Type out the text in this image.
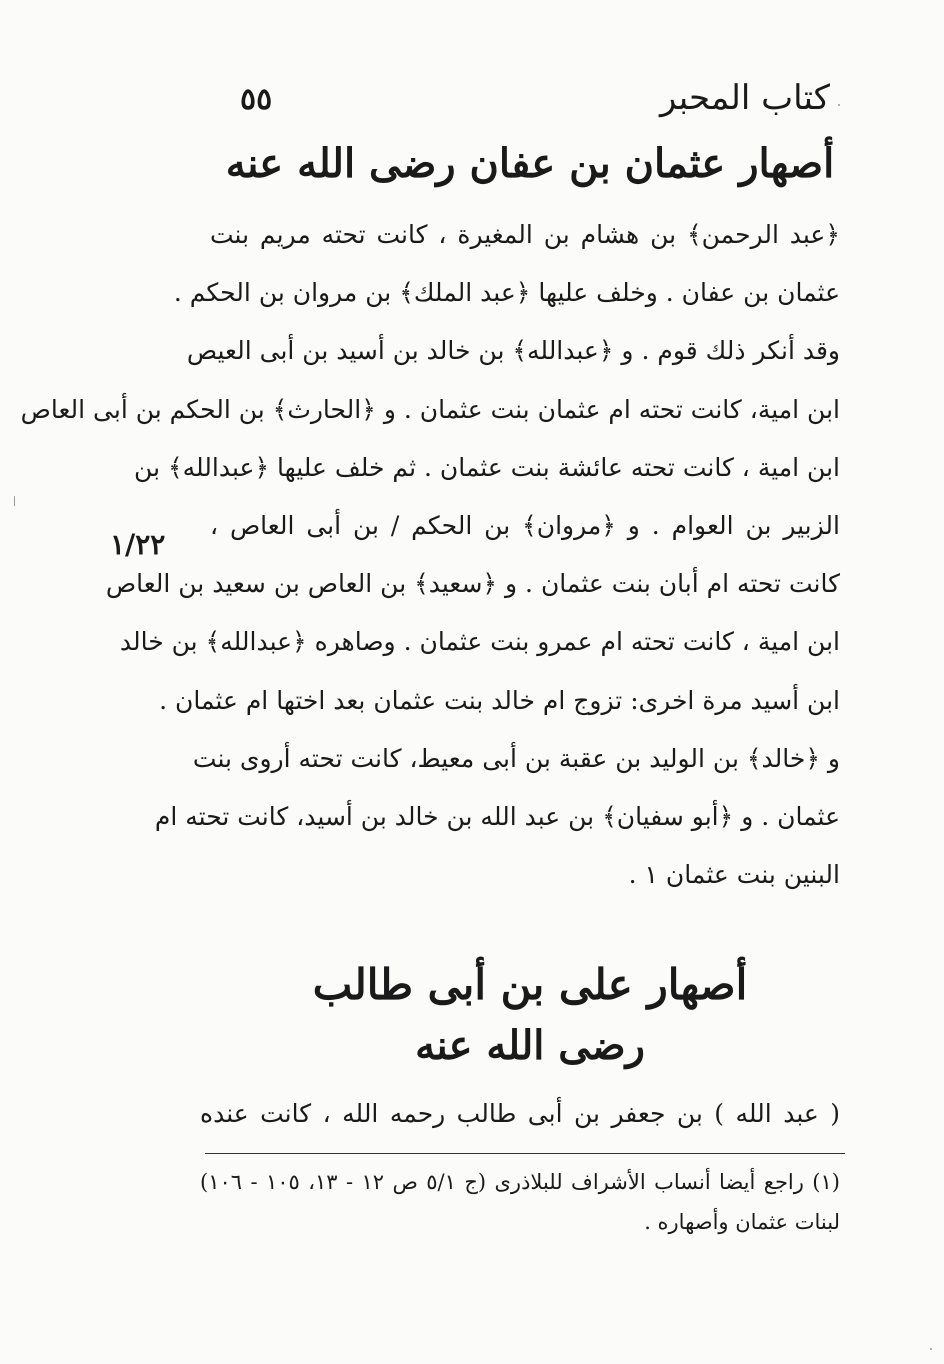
كتاب المحبر
٥٥
أصهار عثمان بن عفان رضى الله عنه
﴿عبد الرحمن﴾ بن هشام بن المغيرة ، كانت تحته مريم بنت
عثمان بن عفان . وخلف عليها ﴿عبد الملك﴾ بن مروان بن الحكم .
وقد أنكر ذلك قوم . و ﴿عبدالله﴾ بن خالد بن أسيد بن أبى العيص
ابن امية، كانت تحته ام عثمان بنت عثمان . و ﴿الحارث﴾ بن الحكم بن أبى العاص
ابن امية ، كانت تحته عائشة بنت عثمان . ثم خلف عليها ﴿عبدالله﴾ بن
الزبير بن العوام . و ﴿مروان﴾ بن الحكم / بن أبى العاص ،
كانت تحته ام أبان بنت عثمان . و ﴿سعيد﴾ بن العاص بن سعيد بن العاص
ابن امية ، كانت تحته ام عمرو بنت عثمان . وصاهره ﴿عبدالله﴾ بن خالد
ابن أسيد مرة اخرى: تزوج ام خالد بنت عثمان بعد اختها ام عثمان .
و ﴿خالد﴾ بن الوليد بن عقبة بن أبى معيط، كانت تحته أروى بنت
عثمان . و ﴿أبو سفيان﴾ بن عبد الله بن خالد بن أسيد، كانت تحته ام
البنين بنت عثمان ١ .
١/٢٢
أصهار على بن أبى طالب
رضى الله عنه
( عبد الله ) بن جعفر بن أبى طالب رحمه الله ، كانت عنده
(١) راجع أيضا أنساب الأشراف للبلاذرى (ج ٥/١ ص ١٢ - ١٣، ١٠٥ - ١٠٦)
لبنات عثمان وأصهاره .
